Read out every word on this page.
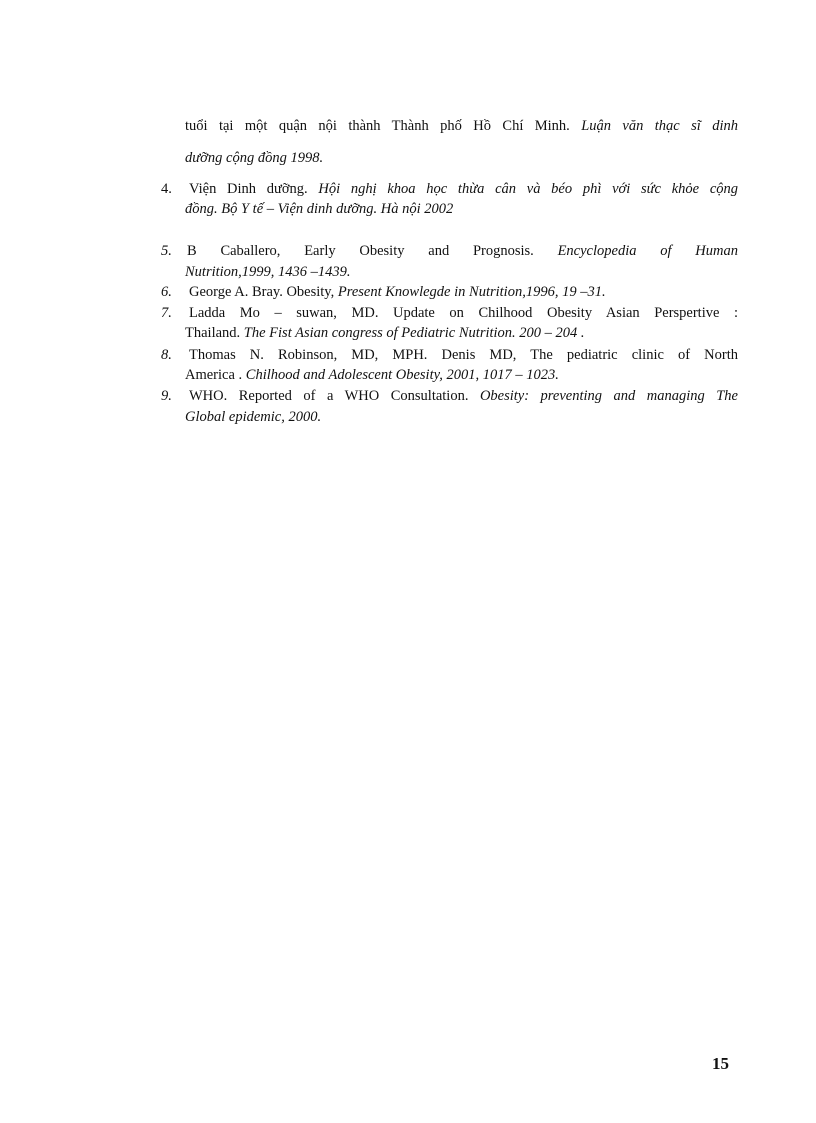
tuổi tại một quận nội thành Thành phố Hồ Chí Minh. Luận văn thạc sĩ dinh
dưỡng cộng đồng 1998.
4. Viện Dinh dưỡng. Hội nghị khoa học thừa cân và béo phì với sức khỏe cộng
đồng. Bộ Y tế – Viện dinh dưỡng. Hà nội 2002
5. B Caballero, Early Obesity and Prognosis. Encyclopedia of Human
Nutrition,1999, 1436 –1439.
6. George A. Bray. Obesity, Present Knowlegde in Nutrition,1996, 19 –31.
7. Ladda Mo – suwan, MD. Update on Chilhood Obesity Asian Perspertive :
Thailand. The Fist Asian congress of Pediatric Nutrition. 200 – 204 .
8. Thomas N. Robinson, MD, MPH. Denis MD, The pediatric clinic of North
America . Chilhood and Adolescent Obesity, 2001, 1017 – 1023.
9. WHO. Reported of a WHO Consultation. Obesity: preventing and managing The
Global epidemic, 2000.
15
